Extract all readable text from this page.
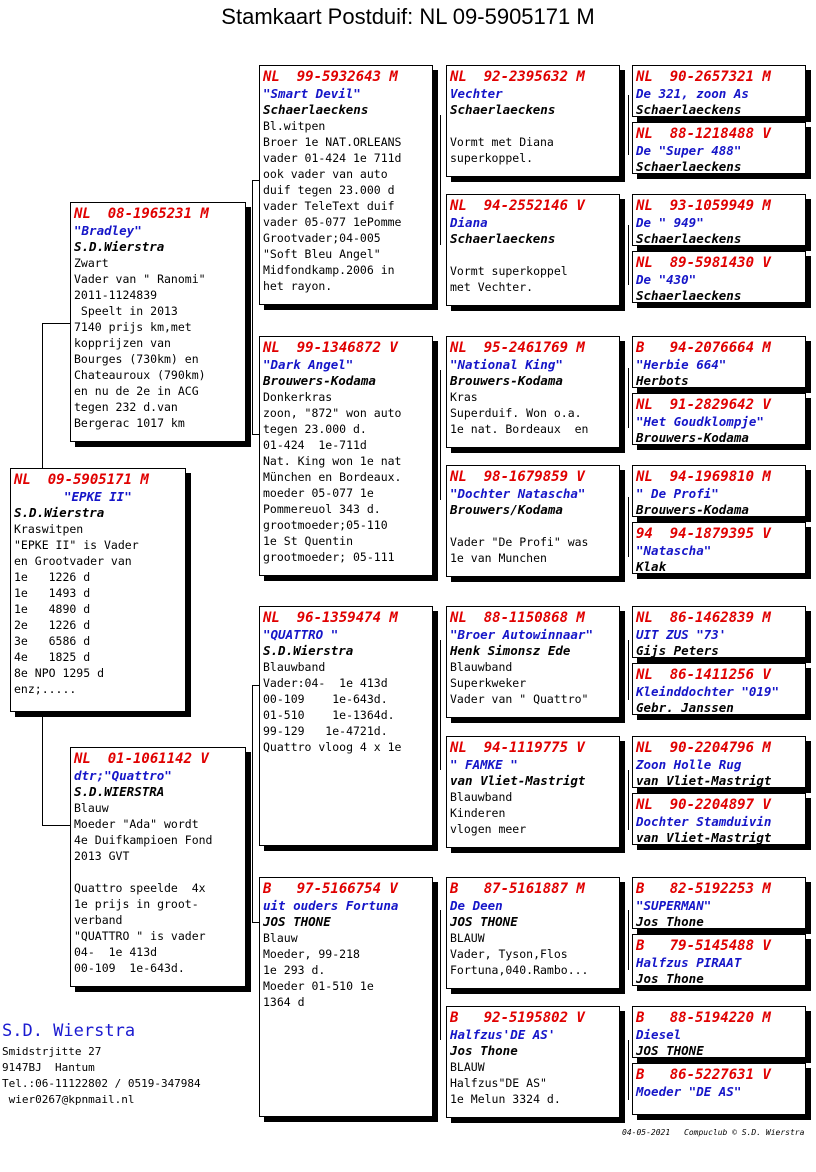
Stamkaart Postduif: NL 09-5905171 M
NL  09-5905171 M
"EPKE II"
S.D.Wierstra
Kraswitpen
"EPKE II" is Vader
en Grootvader van
1e   1226 d
1e   1493 d
1e   4890 d
2e   1226 d
3e   6586 d
4e   1825 d
8e NPO 1295 d
enz;.....
NL  08-1965231 M
"Bradley"
S.D.Wierstra
Zwart
Vader van " Ranomi"
2011-1124839
Speelt in 2013
7140 prijs km,met
kopprijzen van
Bourges (730km) en
Chateauroux (790km)
en nu de 2e in ACG
tegen 232 d.van
Bergerac 1017 km
NL  01-1061142 V
dtr;"Quattro"
S.D.WIERSTRA
Blauw
Moeder "Ada" wordt
4e Duifkampioen Fond
2013 GVT

Quattro speelde  4x
1e prijs in groot-
verband
"QUATTRO " is vader
04-  1e 413d
00-109  1e-643d.
NL  99-5932643 M
"Smart Devil"
Schaerlaeckens
Bl.witpen
Broer 1e NAT.ORLEANS
vader 01-424 1e 711d
ook vader van auto
duif tegen 23.000 d
vader TeleText duif
vader 05-077 1ePomme
Grootvader;04-005
"Soft Bleu Angel"
Midfondkamp.2006 in
het rayon.
NL  99-1346872 V
"Dark Angel"
Brouwers-Kodama
Donkerkras
zoon, "872" won auto
tegen 23.000 d.
01-424  1e-711d
Nat. King won 1e nat
München en Bordeaux.
moeder 05-077 1e
Pommereuol 343 d.
grootmoeder;05-110
1e St Quentin
grootmoeder; 05-111
NL  96-1359474 M
"QUATTRO "
S.D.Wierstra
Blauwband
Vader:04-  1e 413d
00-109    1e-643d.
01-510    1e-1364d.
99-129   1e-4721d.
Quattro vloog 4 x 1e
B   97-5166754 V
uit ouders Fortuna
JOS THONE
Blauw
Moeder, 99-218
1e 293 d.
Moeder 01-510 1e
1364 d
NL  92-2395632 M
Vechter
Schaerlaeckens

Vormt met Diana
superkoppel.
NL  94-2552146 V
Diana
Schaerlaeckens

Vormt superkoppel
met Vechter.
NL  95-2461769 M
"National King"
Brouwers-Kodama
Kras
Superduif. Won o.a.
1e nat. Bordeaux  en
NL  98-1679859 V
"Dochter Natascha"
Brouwers/Kodama

Vader "De Profi" was
1e van Munchen
NL  88-1150868 M
"Broer Autowinnaar"
Henk Simonsz Ede
Blauwband
Superkweker
Vader van " Quattro"
NL  94-1119775 V
" FAMKE "
van Vliet-Mastrigt
Blauwband
Kinderen
vlogen meer
B   87-5161887 M
De Deen
JOS THONE
BLAUW
Vader, Tyson,Flos
Fortuna,040.Rambo...
B   92-5195802 V
Halfzus'DE AS'
Jos Thone
BLAUW
Halfzus"DE AS"
1e Melun 3324 d.
NL  90-2657321 M
De 321, zoon As
Schaerlaeckens
NL  88-1218488 V
De "Super 488"
Schaerlaeckens
NL  93-1059949 M
De " 949"
Schaerlaeckens
NL  89-5981430 V
De "430"
Schaerlaeckens
B   94-2076664 M
"Herbie 664"
Herbots
NL  91-2829642 V
"Het Goudklompje"
Brouwers-Kodama
NL  94-1969810 M
" De Profi"
Brouwers-Kodama
94  94-1879395 V
"Natascha"
Klak
NL  86-1462839 M
UIT ZUS "73'
Gijs Peters
NL  86-1411256 V
Kleinddochter "019"
Gebr. Janssen
NL  90-2204796 M
Zoon Holle Rug
van Vliet-Mastrigt
NL  90-2204897 V
Dochter Stamduivin
van Vliet-Mastrigt
B   82-5192253 M
"SUPERMAN"
Jos Thone
B   79-5145488 V
Halfzus PIRAAT
Jos Thone
B   88-5194220 M
Diesel
JOS THONE
B   86-5227631 V
Moeder "DE AS"
S.D. Wierstra
Smidstrjitte 27
9147BJ  Hantum
Tel.:06-11122802 / 0519-347984
wier0267@kpnmail.nl
04-05-2021 Compuclub © S.D. Wierstra
